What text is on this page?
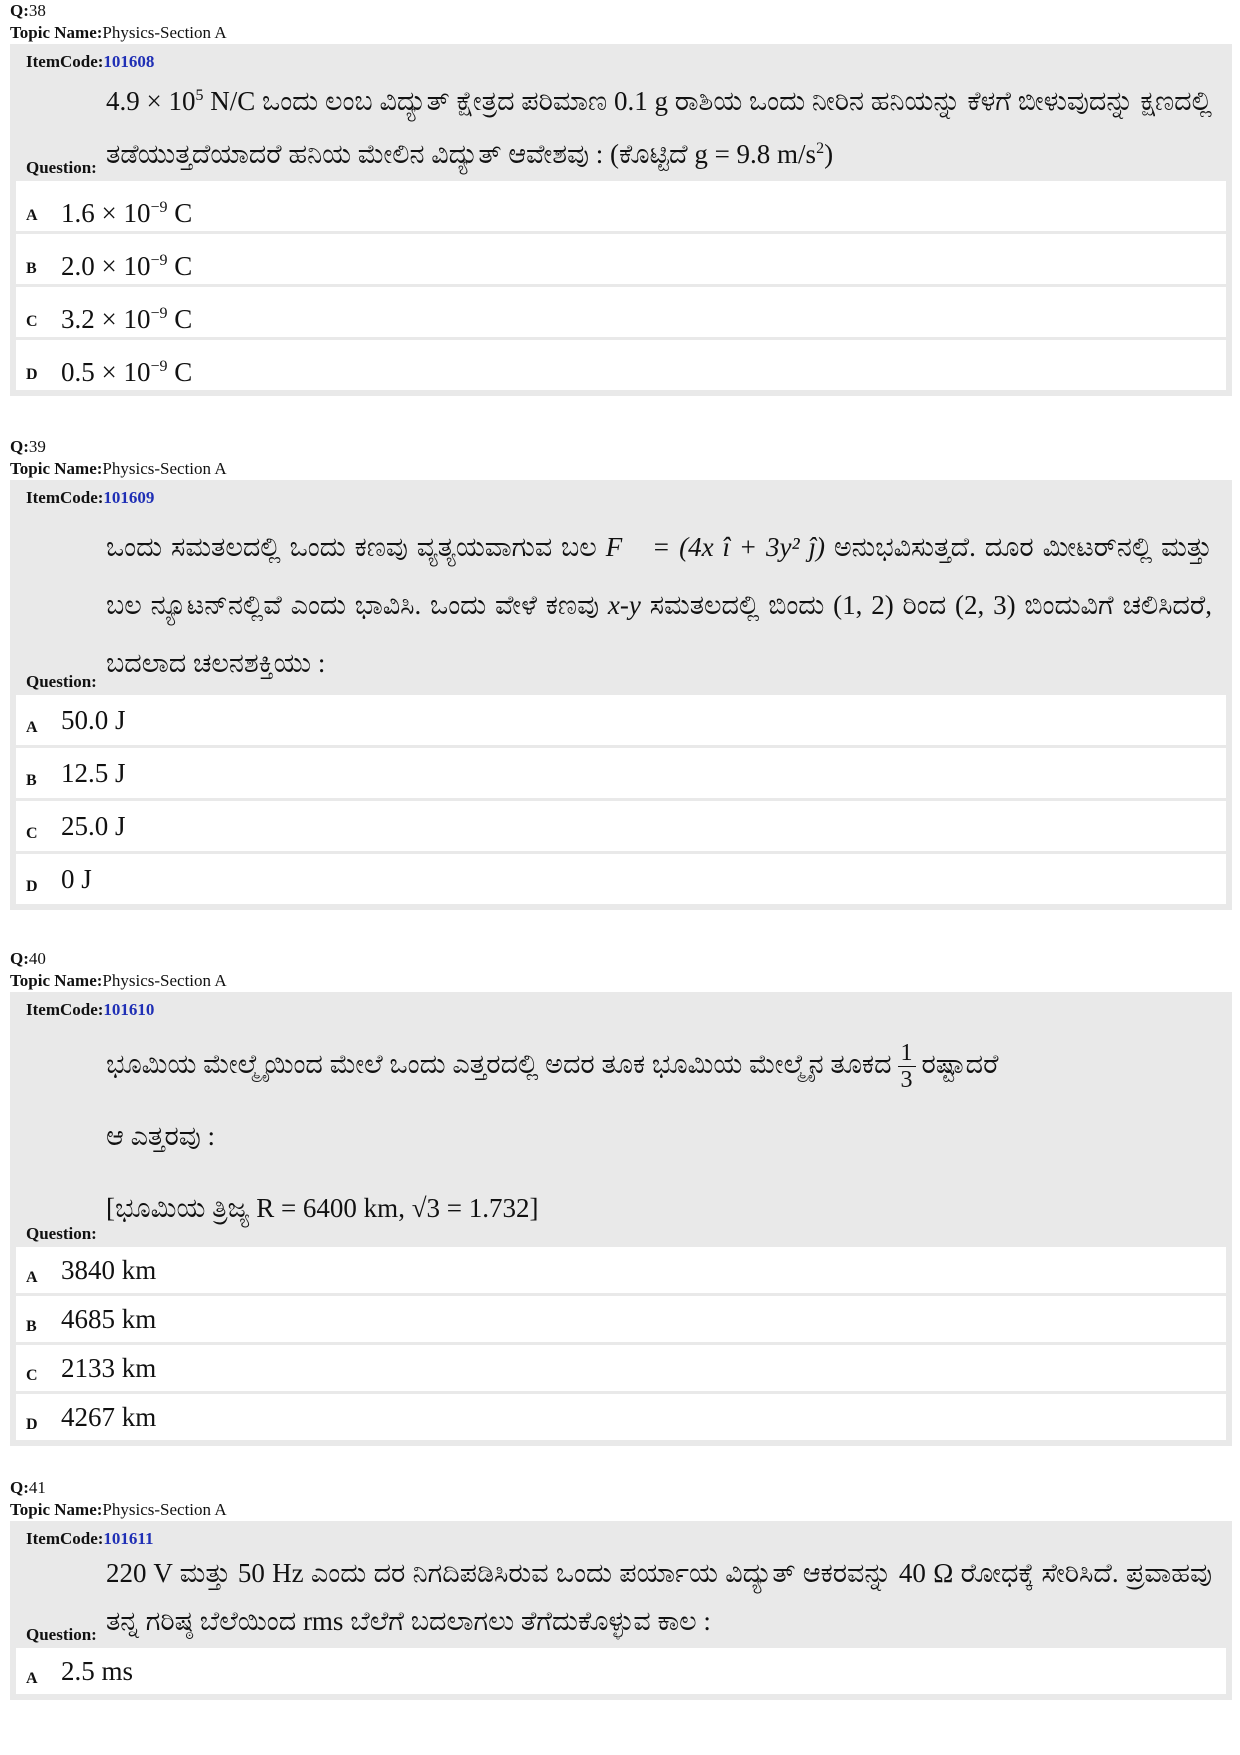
Q:38
Topic Name:Physics-Section A
ItemCode:101608
$4.9 \times 10^5$ N/C ಒಂದು ಲಂಬ ವಿದ್ಯುತ್ ಕ್ಷೇತ್ರದ ಪರಿಮಾಣ 0.1 g ರಾಶಿಯ ಒಂದು ನೀರಿನ ಹನಿಯನ್ನು ಕೆಳಗೆ ಬೀಳುವುದನ್ನು ಕ್ಷಣದಲ್ಲಿ ತಡೆಯುತ್ತದೆಯಾದರೆ ಹನಿಯ ಮೇಲಿನ ವಿದ್ಯುತ್ ಆವೇಶವು : (ಕೊಟ್ಟಿದೆ g = 9.8 $m/s^2$)
Question:
A $1.6 \times 10^{-9}$ C
B $2.0 \times 10^{-9}$ C
C $3.2 \times 10^{-9}$ C
D $0.5 \times 10^{-9}$ C
Q:39
Topic Name:Physics-Section A
ItemCode:101609
ಒಂದು ಸಮತಲದಲ್ಲಿ ಒಂದು ಕಣವು ವ್ಯತ್ಯಯವಾಗುವ ಬಲ F⃗ = (4x î + 3y² ĵ) ಅನುಭವಿಸುತ್ತದೆ. ದೂರ ಮೀಟರ್‌ನಲ್ಲಿ ಮತ್ತು ಬಲ ನ್ಯೂಟನ್‌ನಲ್ಲಿವೆ ಎಂದು ಭಾವಿಸಿ. ಒಂದು ವೇಳೆ ಕಣವು x-y ಸಮತಲದಲ್ಲಿ ಬಿಂದು (1, 2) ರಿಂದ (2, 3) ಬಿಂದುವಿಗೆ ಚಲಿಸಿದರೆ, ಬದಲಾದ ಚಲನಶಕ್ತಿಯು :
Question:
A 50.0 J
B 12.5 J
C 25.0 J
D 0 J
Q:40
Topic Name:Physics-Section A
ItemCode:101610
ಭೂಮಿಯ ಮೇಲ್ಮೈಯಿಂದ ಮೇಲೆ ಒಂದು ಎತ್ತರದಲ್ಲಿ ಅದರ ತೂಕ ಭೂಮಿಯ ಮೇಲ್ಮೈನ ತೂಕದ $\frac{1}{3}$ ರಷ್ಟಾದರೆ
ಆ ಎತ್ತರವು :
[ಭೂಮಿಯ ತ್ರಿಜ್ಯ R = 6400 km, √3 = 1.732]
Question:
A 3840 km
B 4685 km
C 2133 km
D 4267 km
Q:41
Topic Name:Physics-Section A
ItemCode:101611
220 V ಮತ್ತು 50 Hz ಎಂದು ದರ ನಿಗದಿಪಡಿಸಿರುವ ಒಂದು ಪರ್ಯಾಯ ವಿದ್ಯುತ್ ಆಕರವನ್ನು 40 Ω ರೋಧಕ್ಕೆ ಸೇರಿಸಿದೆ. ಪ್ರವಾಹವು ತನ್ನ ಗರಿಷ್ಠ ಬೆಲೆಯಿಂದ rms ಬೆಲೆಗೆ ಬದಲಾಗಲು ತೆಗೆದುಕೊಳ್ಳುವ ಕಾಲ :
Question:
A 2.5 ms
